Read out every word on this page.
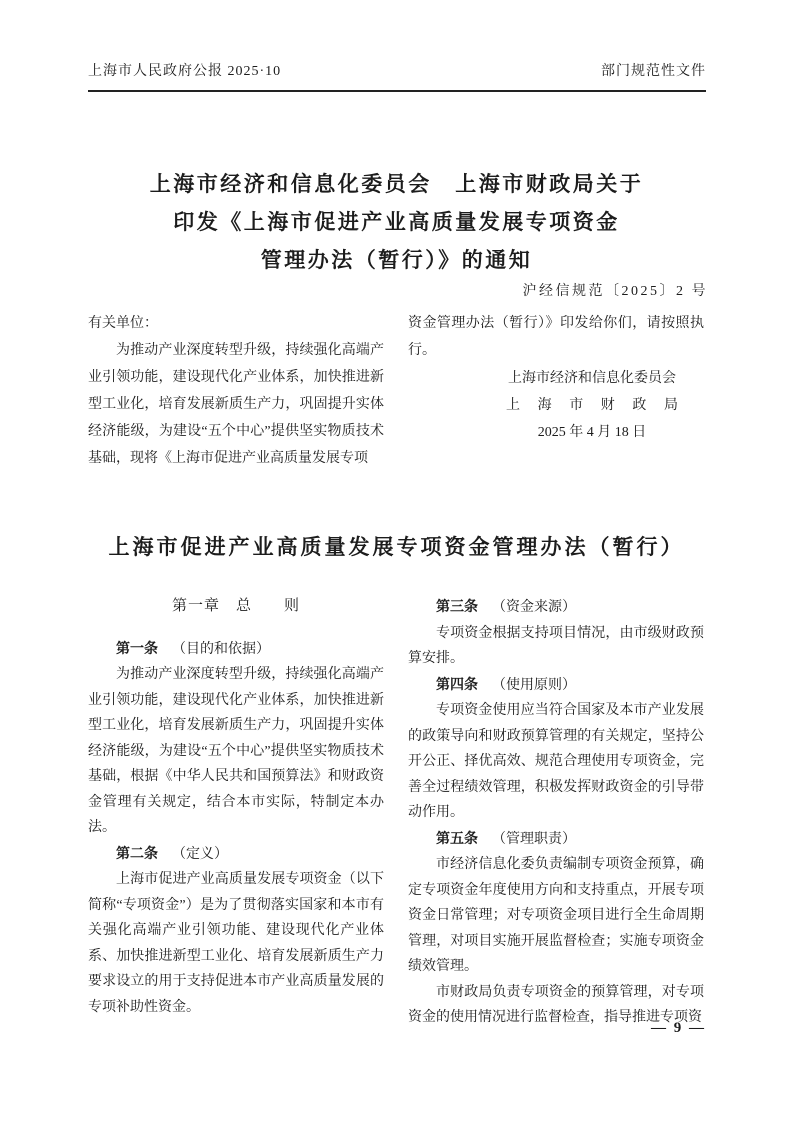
上海市人民政府公报 2025·10	部门规范性文件
上海市经济和信息化委员会　上海市财政局关于
印发《上海市促进产业高质量发展专项资金
管理办法（暂行）》的通知
沪经信规范〔2025〕2 号

有关单位：

为推动产业深度转型升级，持续强化高端产业引领功能，建设现代化产业体系，加快推进新型工业化，培育发展新质生产力，巩固提升实体经济能级，为建设“五个中心”提供坚实物质技术基础，现将《上海市促进产业高质量发展专项

资金管理办法（暂行）》印发给你们，请按照执行。

上海市经济和信息化委员会
上海市财政局
2025 年 4 月 18 日
上海市促进产业高质量发展专项资金管理办法（暂行）

第一章　总　　则

第一条 （目的和依据）

为推动产业深度转型升级，持续强化高端产业引领功能，建设现代化产业体系，加快推进新型工业化，培育发展新质生产力，巩固提升实体经济能级，为建设“五个中心”提供坚实物质技术基础，根据《中华人民共和国预算法》和财政资金管理有关规定，结合本市实际，特制定本办法。

第二条 （定义）

上海市促进产业高质量发展专项资金（以下简称“专项资金”）是为了贯彻落实国家和本市有关强化高端产业引领功能、建设现代化产业体系、加快推进新型工业化、培育发展新质生产力要求设立的用于支持促进本市产业高质量发展的专项补助性资金。

第三条 （资金来源）

专项资金根据支持项目情况，由市级财政预算安排。

第四条 （使用原则）

专项资金使用应当符合国家及本市产业发展的政策导向和财政预算管理的有关规定，坚持公开公正、择优高效、规范合理使用专项资金，完善全过程绩效管理，积极发挥财政资金的引导带动作用。

第五条 （管理职责）

市经济信息化委负责编制专项资金预算，确定专项资金年度使用方向和支持重点，开展专项资金日常管理；对专项资金项目进行全生命周期管理，对项目实施开展监督检查；实施专项资金绩效管理。

市财政局负责专项资金的预算管理，对专项资金的使用情况进行监督检查，指导推进专项资

— 9 —
